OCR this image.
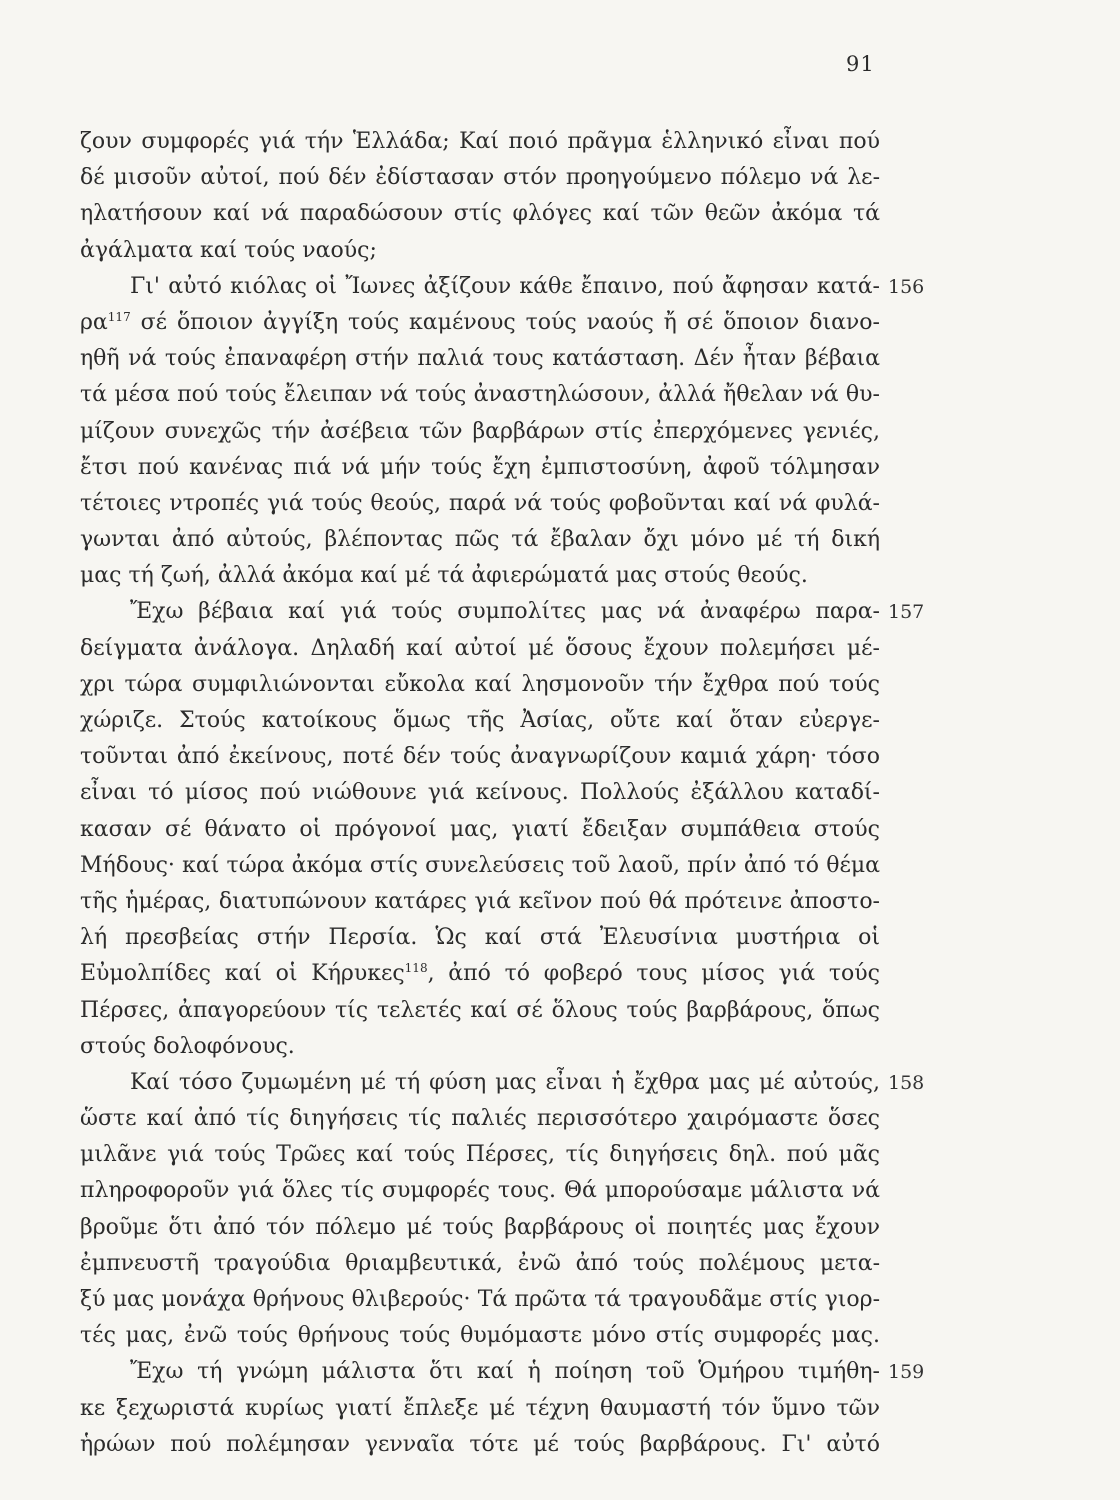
91
ζουν συμφορές γιά τήν Ἑλλάδα; Καί ποιό πρᾶγμα ἑλληνικό εἶναι πού
δέ μισοῦν αὐτοί, πού δέν ἐδίστασαν στόν προηγούμενο πόλεμο νά λε-
ηλατήσουν καί νά παραδώσουν στίς φλόγες καί τῶν θεῶν ἀκόμα τά
ἀγάλματα καί τούς ναούς;
Γι' αὐτό κιόλας οἱ Ἴωνες ἀξίζουν κάθε ἔπαινο, πού ἄφησαν κατά- 156
$\rho\alpha^{117}$ σέ ὅποιον ἀγγίξη τούς καμένους τούς ναούς ἤ σέ ὅποιον διανο-
ηθῆ νά τούς ἐπαναφέρη στήν παλιά τους κατάσταση. Δέν ἦταν βέβαια
τά μέσα πού τούς ἔλειπαν νά τούς ἀναστηλώσουν, ἀλλά ἤθελαν νά θυ-
μίζουν συνεχῶς τήν ἀσέβεια τῶν βαρβάρων στίς ἐπερχόμενες γενιές,
ἔτσι πού κανένας πιά νά μήν τούς ἔχη ἐμπιστοσύνη, ἀφοῦ τόλμησαν
τέτοιες ντροπές γιά τούς θεούς, παρά νά τούς φοβοῦνται καί νά φυλά-
γωνται ἀπό αὐτούς, βλέποντας πῶς τά ἔβαλαν ὄχι μόνο μέ τή δική
μας τή ζωή, ἀλλά ἀκόμα καί μέ τά ἀφιερώματά μας στούς θεούς.
Ἔχω βέβαια καί γιά τούς συμπολίτες μας νά ἀναφέρω παρα- 157
δείγματα ἀνάλογα. Δηλαδή καί αὐτοί μέ ὅσους ἔχουν πολεμήσει μέ-
χρι τώρα συμφιλιώνονται εὔκολα καί λησμονοῦν τήν ἔχθρα πού τούς
χώριζε. Στούς κατοίκους ὅμως τῆς Ἀσίας, οὔτε καί ὅταν εὐεργε-
τοῦνται ἀπό ἐκείνους, ποτέ δέν τούς ἀναγνωρίζουν καμιά χάρη· τόσο
εἶναι τό μίσος πού νιώθουνε γιά κείνους. Πολλούς ἐξάλλου καταδί-
κασαν σέ θάνατο οἱ πρόγονοί μας, γιατί ἔδειξαν συμπάθεια στούς
Μήδους· καί τώρα ἀκόμα στίς συνελεύσεις τοῦ λαοῦ, πρίν ἀπό τό θέμα
τῆς ἡμέρας, διατυπώνουν κατάρες γιά κεῖνον πού θά πρότεινε ἀποστο-
λή πρεσβείας στήν Περσία. Ὡς καί στά Ἐλευσίνια μυστήρια οἱ
Εὐμολπίδες καί οἱ Κήρυκες$^{118}$, ἀπό τό φοβερό τους μίσος γιά τούς
Πέρσες, ἀπαγορεύουν τίς τελετές καί σέ ὅλους τούς βαρβάρους, ὅπως
στούς δολοφόνους.
Καί τόσο ζυμωμένη μέ τή φύση μας εἶναι ἡ ἔχθρα μας μέ αὐτούς, 158
ὥστε καί ἀπό τίς διηγήσεις τίς παλιές περισσότερο χαιρόμαστε ὅσες
μιλᾶνε γιά τούς Τρῶες καί τούς Πέρσες, τίς διηγήσεις δηλ. πού μᾶς
πληροφοροῦν γιά ὅλες τίς συμφορές τους. Θά μπορούσαμε μάλιστα νά
βροῦμε ὅτι ἀπό τόν πόλεμο μέ τούς βαρβάρους οἱ ποιητές μας ἔχουν
ἐμπνευστῆ τραγούδια θριαμβευτικά, ἐνῶ ἀπό τούς πολέμους μετα-
ξύ μας μονάχα θρήνους θλιβερούς· Τά πρῶτα τά τραγουδᾶμε στίς γιορ-
τές μας, ἐνῶ τούς θρήνους τούς θυμόμαστε μόνο στίς συμφορές μας.
Ἔχω τή γνώμη μάλιστα ὅτι καί ἡ ποίηση τοῦ Ὁμήρου τιμήθη- 159
κε ξεχωριστά κυρίως γιατί ἔπλεξε μέ τέχνη θαυμαστή τόν ὕμνο τῶν
ἡρώων πού πολέμησαν γενναῖα τότε μέ τούς βαρβάρους. Γι' αὐτό
